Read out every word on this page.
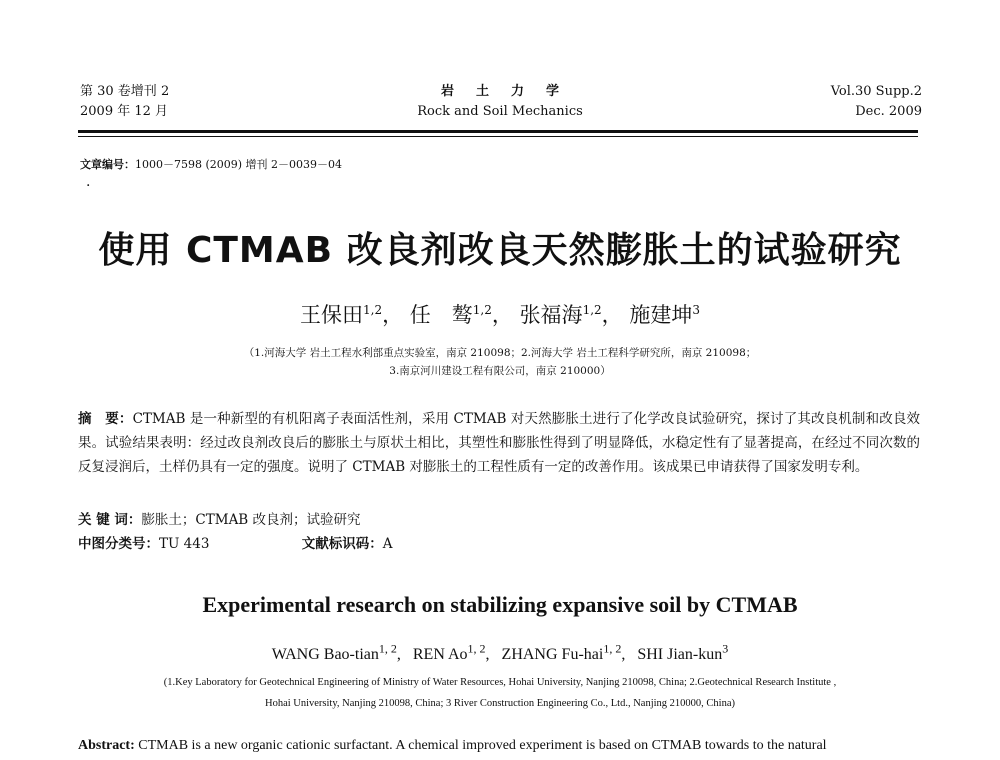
第 30 卷增刊 2
2009 年 12 月
岩土力学
Rock and Soil Mechanics
Vol.30 Supp.2
Dec. 2009
文章编号：1000－7598 (2009) 增刊 2－0039－04
·
使用 CTMAB 改良剂改良天然膨胀土的试验研究
王保田$^{1,2}$， 任　骜$^{1,2}$， 张福海$^{1,2}$， 施建坤$^3$
（1.河海大学 岩土工程水利部重点实验室，南京 210098；2.河海大学 岩土工程科学研究所，南京 210098；
3.南京河川建设工程有限公司，南京 210000）
摘　要：CTMAB 是一种新型的有机阳离子表面活性剂，采用 CTMAB 对天然膨胀土进行了化学改良试验研究，探讨了其改良机制和改良效果。试验结果表明：经过改良剂改良后的膨胀土与原状土相比，其塑性和膨胀性得到了明显降低，水稳定性有了显著提高，在经过不同次数的反复浸润后，土样仍具有一定的强度。说明了 CTMAB 对膨胀土的工程性质有一定的改善作用。该成果已申请获得了国家发明专利。
关 键 词：膨胀土；CTMAB 改良剂；试验研究
中图分类号：TU 443	文献标识码：A
Experimental research on stabilizing expansive soil by CTMAB
WANG Bao-tian$^{1, 2}$,   REN Ao$^{1, 2}$,   ZHANG Fu-hai$^{1, 2}$,   SHI Jian-kun$^3$
(1.Key Laboratory for Geotechnical Engineering of Ministry of Water Resources, Hohai University, Nanjing 210098, China; 2.Geotechnical Research Institute ,
Hohai University, Nanjing 210098, China; 3 River Construction Engineering Co., Ltd., Nanjing 210000, China)
Abstract: CTMAB is a new organic cationic surfactant. A chemical improved experiment is based on CTMAB towards to the natural
